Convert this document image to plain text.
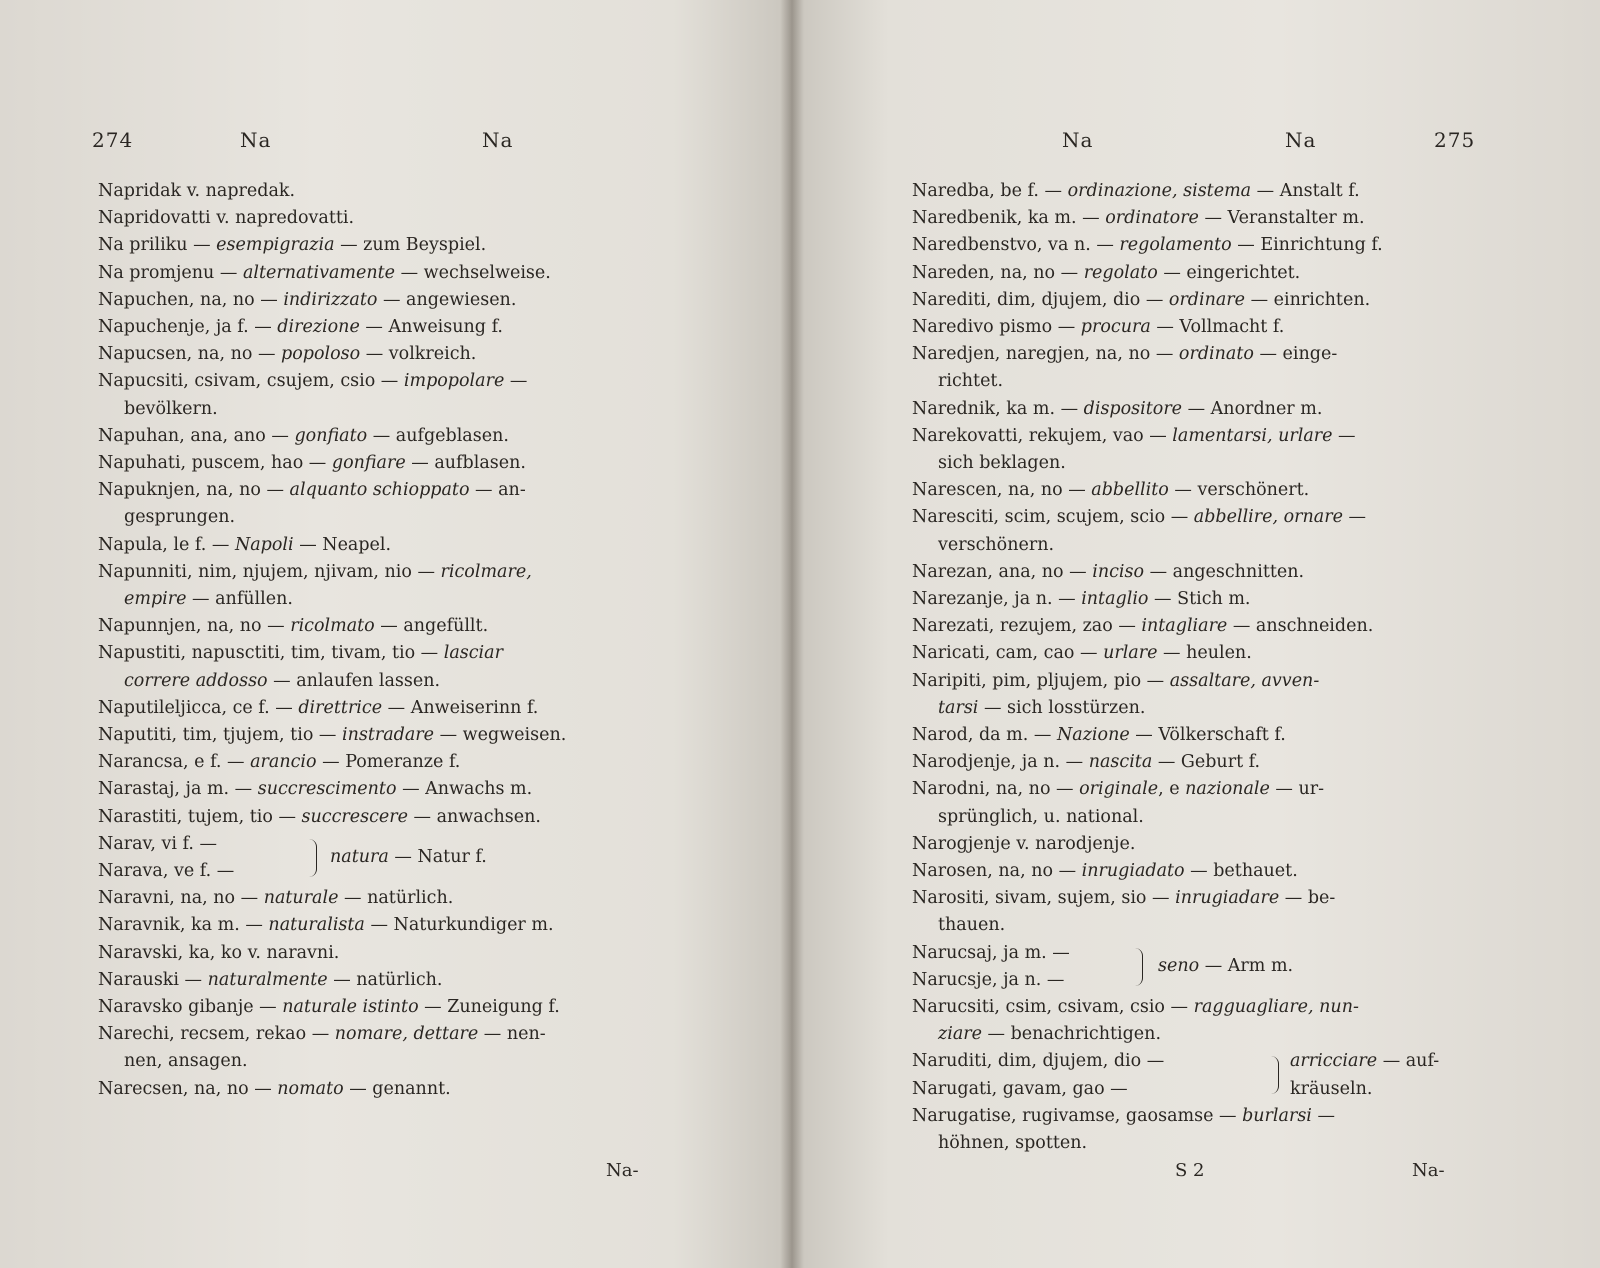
274	Na	Na
Napridak v. napredak.
Napridovatti v. napredovatti.
Na priliku — esempigrazia — zum Beyspiel.
Na promjenu — alternativamente — wechselweise.
Napuchen, na, no — indirizzato — angewiesen.
Napuchenje, ja f. — direzione — Anweisung f.
Napucsen, na, no — popoloso — volkreich.
Napucsiti, csivam, csujem, csio — impopolare —
bevölkern.
Napuhan, ana, ano — gonfiato — aufgeblasen.
Napuhati, puscem, hao — gonfiare — aufblasen.
Napuknjen, na, no — alquanto schioppato — an-
gesprungen.
Napula, le f. — Napoli — Neapel.
Napunniti, nim, njujem, njivam, nio — ricolmare,
empire — anfüllen.
Napunnjen, na, no — ricolmato — angefüllt.
Napustiti, napusctiti, tim, tivam, tio — lasciar
correre addosso — anlaufen lassen.
Naputileljicca, ce f. — direttrice — Anweiserinn f.
Naputiti, tim, tjujem, tio — instradare — wegweisen.
Narancsa, e f. — arancio — Pomeranze f.
Narastaj, ja m. — succrescimento — Anwachs m.
Narastiti, tujem, tio — succrescere — anwachsen.
Narav, vi f. —
Narava, ve f. —
natura — Natur f.
Naravni, na, no — naturale — natürlich.
Naravnik, ka m. — naturalista — Naturkundiger m.
Naravski, ka, ko v. naravni.
Narauski — naturalmente — natürlich.
Naravsko gibanje — naturale istinto — Zuneigung f.
Narechi, recsem, rekao — nomare, dettare — nen-
nen, ansagen.
Narecsen, na, no — nomato — genannt.
Na-
Na	Na	275
Naredba, be f. — ordinazione, sistema — Anstalt f.
Naredbenik, ka m. — ordinatore — Veranstalter m.
Naredbenstvo, va n. — regolamento — Einrichtung f.
Nareden, na, no — regolato — eingerichtet.
Narediti, dim, djujem, dio — ordinare — einrichten.
Naredivo pismo — procura — Vollmacht f.
Naredjen, naregjen, na, no — ordinato — einge-
richtet.
Narednik, ka m. — dispositore — Anordner m.
Narekovatti, rekujem, vao — lamentarsi, urlare —
sich beklagen.
Narescen, na, no — abbellito — verschönert.
Naresciti, scim, scujem, scio — abbellire, ornare —
verschönern.
Narezan, ana, no — inciso — angeschnitten.
Narezanje, ja n. — intaglio — Stich m.
Narezati, rezujem, zao — intagliare — anschneiden.
Naricati, cam, cao — urlare — heulen.
Naripiti, pim, pljujem, pio — assaltare, avven-
tarsi — sich losstürzen.
Narod, da m. — Nazione — Völkerschaft f.
Narodjenje, ja n. — nascita — Geburt f.
Narodni, na, no — originale, e nazionale — ur-
sprünglich, u. national.
Narogjenje v. narodjenje.
Narosen, na, no — inrugiadato — bethauet.
Narositi, sivam, sujem, sio — inrugiadare — be-
thauen.
Narucsaj, ja m. —
Narucsje, ja n. —
seno — Arm m.
Narucsiti, csim, csivam, csio — ragguagliare, nun-
ziare — benachrichtigen.
Naruditi, dim, djujem, dio —
Narugati, gavam, gao —
arricciare — auf-
kräuseln.
Narugatise, rugivamse, gaosamse — burlarsi —
höhnen, spotten.
S 2	Na-
